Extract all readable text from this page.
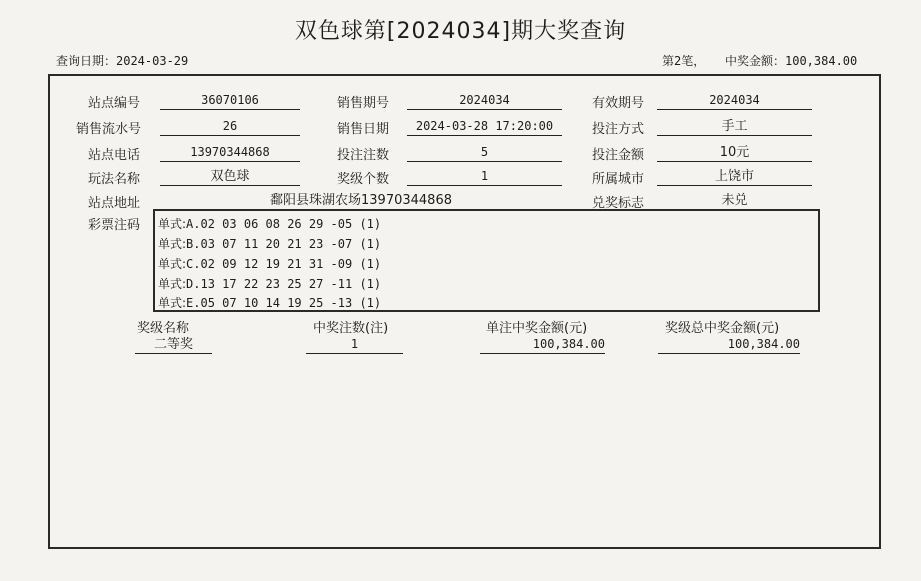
双色球第[2024034]期大奖查询
查询日期：2024-03-29	第2笔， 中奖金额：100,384.00
站点编号	36070106	销售期号	2024034	有效期号	2024034
销售流水号	26	销售日期	2024-03-28 17:20:00	投注方式	手工
站点电话	13970344868	投注注数	5	投注金额	10元
玩法名称	双色球	奖级个数	1	所属城市	上饶市
站点地址	鄱阳县珠湖农场13970344868	兑奖标志	未兑
彩票注码 单式:A.02 03 06 08 26 29 -05 (1)
单式:B.03 07 11 20 21 23 -07 (1)
单式:C.02 09 12 19 21 31 -09 (1)
单式:D.13 17 22 23 25 27 -11 (1)
单式:E.05 07 10 14 19 25 -13 (1)
奖级名称	中奖注数(注)	单注中奖金额(元)	奖级总中奖金额(元)
二等奖	1	100,384.00	100,384.00
